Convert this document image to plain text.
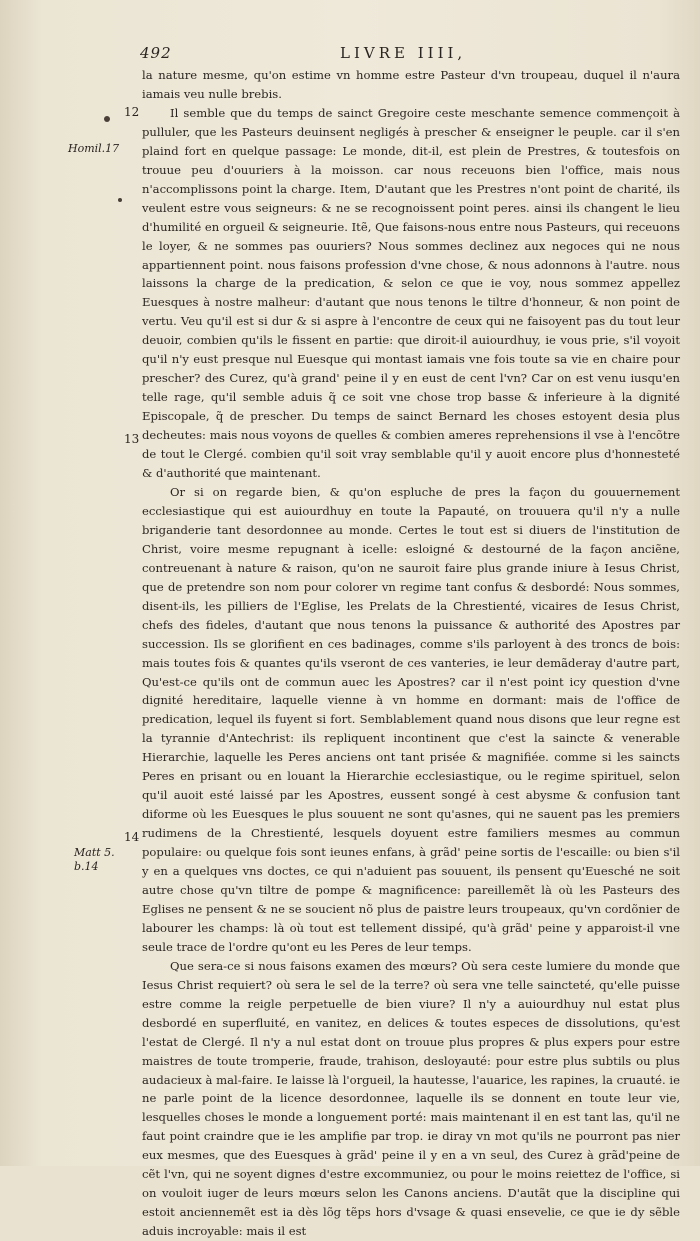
492	LIVRE IIII,
12
13
14
Homil.17
Matt 5.
b.14

la nature mesme, qu'on estime vn homme estre Pasteur d'vn troupeau, duquel il n'aura iamais veu nulle brebis.

Il semble que du temps de sainct Gregoire ceste meschante semence commençoit à pulluler, que les Pasteurs deuinsent negligés à prescher & enseigner le peuple. car il s'en plaind fort en quelque passage: Le monde, dit-il, est plein de Prestres, & toutesfois on trouue peu d'ouuriers à la moisson. car nous receuons bien l'office, mais nous n'accomplissons point la charge. Item, D'autant que les Prestres n'ont point de charité, ils veulent estre vous seigneurs: & ne se recognoissent point peres. ainsi ils changent le lieu d'humilité en orgueil & seigneurie. Itẽ, Que faisons-nous entre nous Pasteurs, qui receuons le loyer, & ne sommes pas ouuriers? Nous sommes declinez aux negoces qui ne nous appartiennent point. nous faisons profession d'vne chose, & nous adonnons à l'autre. nous laissons la charge de la predication, & selon ce que ie voy, nous sommez appellez Euesques à nostre malheur: d'autant que nous tenons le tiltre d'honneur, & non point de vertu. Veu qu'il est si dur & si aspre à l'encontre de ceux qui ne faisoyent pas du tout leur deuoir, combien qu'ils le fissent en partie: que diroit-il auiourdhuy, ie vous prie, s'il voyoit qu'il n'y eust presque nul Euesque qui montast iamais vne fois toute sa vie en chaire pour prescher? des Curez, qu'à grand' peine il y en eust de cent l'vn? Car on est venu iusqu'en telle rage, qu'il semble aduis q̃ ce soit vne chose trop basse & inferieure à la dignité Episcopale, q̃ de prescher. Du temps de sainct Bernard les choses estoyent desia plus decheutes: mais nous voyons de quelles & combien ameres reprehensions il vse à l'encõtre de tout le Clergé. combien qu'il soit vray semblable qu'il y auoit encore plus d'honnesteté & d'authorité que maintenant.

Or si on regarde bien, & qu'on espluche de pres la façon du gouuernement ecclesiastique qui est auiourdhuy en toute la Papauté, on trouuera qu'il n'y a nulle briganderie tant desordonnee au monde. Certes le tout est si diuers de l'institution de Christ, voire mesme repugnant à icelle: esloigné & destourné de la façon anciẽne, contreuenant à nature & raison, qu'on ne sauroit faire plus grande iniure à Iesus Christ, que de pretendre son nom pour colorer vn regime tant confus & desbordé: Nous sommes, disent-ils, les pilliers de l'Eglise, les Prelats de la Chrestienté, vicaires de Iesus Christ, chefs des fideles, d'autant que nous tenons la puissance & authorité des Apostres par succession. Ils se glorifient en ces badinages, comme s'ils parloyent à des troncs de bois: mais toutes fois & quantes qu'ils vseront de ces vanteries, ie leur demãderay d'autre part, Qu'est-ce qu'ils ont de commun auec les Apostres? car il n'est point icy question d'vne dignité hereditaire, laquelle vienne à vn homme en dormant: mais de l'office de predication, lequel ils fuyent si fort. Semblablement quand nous disons que leur regne est la tyrannie d'Antechrist: ils repliquent incontinent que c'est la saincte & venerable Hierarchie, laquelle les Peres anciens ont tant prisée & magnifiée. comme si les saincts Peres en prisant ou en louant la Hierarchie ecclesiastique, ou le regime spirituel, selon qu'il auoit esté laissé par les Apostres, eussent songé à cest abysme & confusion tant diforme où les Euesques le plus souuent ne sont qu'asnes, qui ne sauent pas les premiers rudimens de la Chrestienté, lesquels doyuent estre familiers mesmes au commun populaire: ou quelque fois sont ieunes enfans, à grãd' peine sortis de l'escaille: ou bien s'il y en a quelques vns doctes, ce qui n'aduient pas souuent, ils pensent qu'Euesché ne soit autre chose qu'vn tiltre de pompe & magnificence: pareillemẽt là où les Pasteurs des Eglises ne pensent & ne se soucient nõ plus de paistre leurs troupeaux, qu'vn cordõnier de labourer les champs: là où tout est tellement dissipé, qu'à grãd' peine y apparoist-il vne seule trace de l'ordre qu'ont eu les Peres de leur temps.

Que sera-ce si nous faisons examen des mœurs? Où sera ceste lumiere du monde que Iesus Christ requiert? où sera le sel de la terre? où sera vne telle saincteté, qu'elle puisse estre comme la reigle perpetuelle de bien viure? Il n'y a auiourdhuy nul estat plus desbordé en superfluité, en vanitez, en delices & toutes especes de dissolutions, qu'est l'estat de Clergé. Il n'y a nul estat dont on trouue plus propres & plus expers pour estre maistres de toute tromperie, fraude, trahison, desloyauté: pour estre plus subtils ou plus audacieux à mal-faire. Ie laisse là l'orgueil, la hautesse, l'auarice, les rapines, la cruauté. ie ne parle point de la licence desordonnee, laquelle ils se donnent en toute leur vie, lesquelles choses le monde a longuement porté: mais maintenant il en est tant las, qu'il ne faut point craindre que ie les amplifie par trop. ie diray vn mot qu'ils ne pourront pas nier eux mesmes, que des Euesques à grãd' peine il y en a vn seul, des Curez à grãd'peine de cẽt l'vn, qui ne soyent dignes d'estre excommuniez, ou pour le moins reiettez de l'office, si on vouloit iuger de leurs mœurs selon les Canons anciens. D'autãt que la discipline qui estoit anciennemẽt est ia dès lõg tẽps hors d'vsage & quasi ensevelie, ce que ie dy sẽble aduis incroyable: mais il est
